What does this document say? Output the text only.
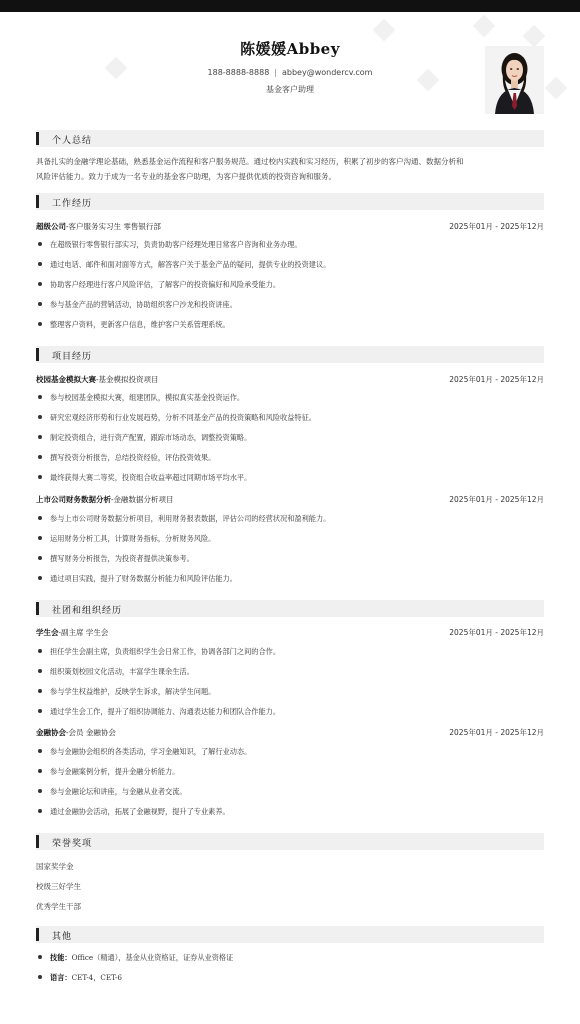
陈媛媛Abbey
188-8888-8888 | abbey@wondercv.com
基金客户助理
个人总结
具备扎实的金融学理论基础，熟悉基金运作流程和客户服务规范。通过校内实践和实习经历，积累了初步的客户沟通、数据分析和
风险评估能力。致力于成为一名专业的基金客户助理，为客户提供优质的投资咨询和服务。
工作经历
超级公司-客户服务实习生 零售银行部	2025年01月 - 2025年12月
在超级银行零售银行部实习，负责协助客户经理处理日常客户咨询和业务办理。
通过电话、邮件和面对面等方式，解答客户关于基金产品的疑问，提供专业的投资建议。
协助客户经理进行客户风险评估，了解客户的投资偏好和风险承受能力。
参与基金产品的营销活动，协助组织客户沙龙和投资讲座。
整理客户资料，更新客户信息，维护客户关系管理系统。
项目经历
校园基金模拟大赛-基金模拟投资项目	2025年01月 - 2025年12月
参与校园基金模拟大赛，组建团队，模拟真实基金投资运作。
研究宏观经济形势和行业发展趋势，分析不同基金产品的投资策略和风险收益特征。
制定投资组合，进行资产配置，跟踪市场动态，调整投资策略。
撰写投资分析报告，总结投资经验，评估投资效果。
最终获得大赛二等奖，投资组合收益率超过同期市场平均水平。
上市公司财务数据分析-金融数据分析项目	2025年01月 - 2025年12月
参与上市公司财务数据分析项目，利用财务报表数据，评估公司的经营状况和盈利能力。
运用财务分析工具，计算财务指标，分析财务风险。
撰写财务分析报告，为投资者提供决策参考。
通过项目实践，提升了财务数据分析能力和风险评估能力。
社团和组织经历
学生会-副主席 学生会	2025年01月 - 2025年12月
担任学生会副主席，负责组织学生会日常工作，协调各部门之间的合作。
组织策划校园文化活动，丰富学生课余生活。
参与学生权益维护，反映学生诉求，解决学生问题。
通过学生会工作，提升了组织协调能力、沟通表达能力和团队合作能力。
金融协会-会员 金融协会	2025年01月 - 2025年12月
参与金融协会组织的各类活动，学习金融知识，了解行业动态。
参与金融案例分析，提升金融分析能力。
参与金融论坛和讲座，与金融从业者交流。
通过金融协会活动，拓展了金融视野，提升了专业素养。
荣誉奖项
国家奖学金
校级三好学生
优秀学生干部
其他
技能：Office（精通），基金从业资格证，证券从业资格证
语言：CET-4，CET-6
